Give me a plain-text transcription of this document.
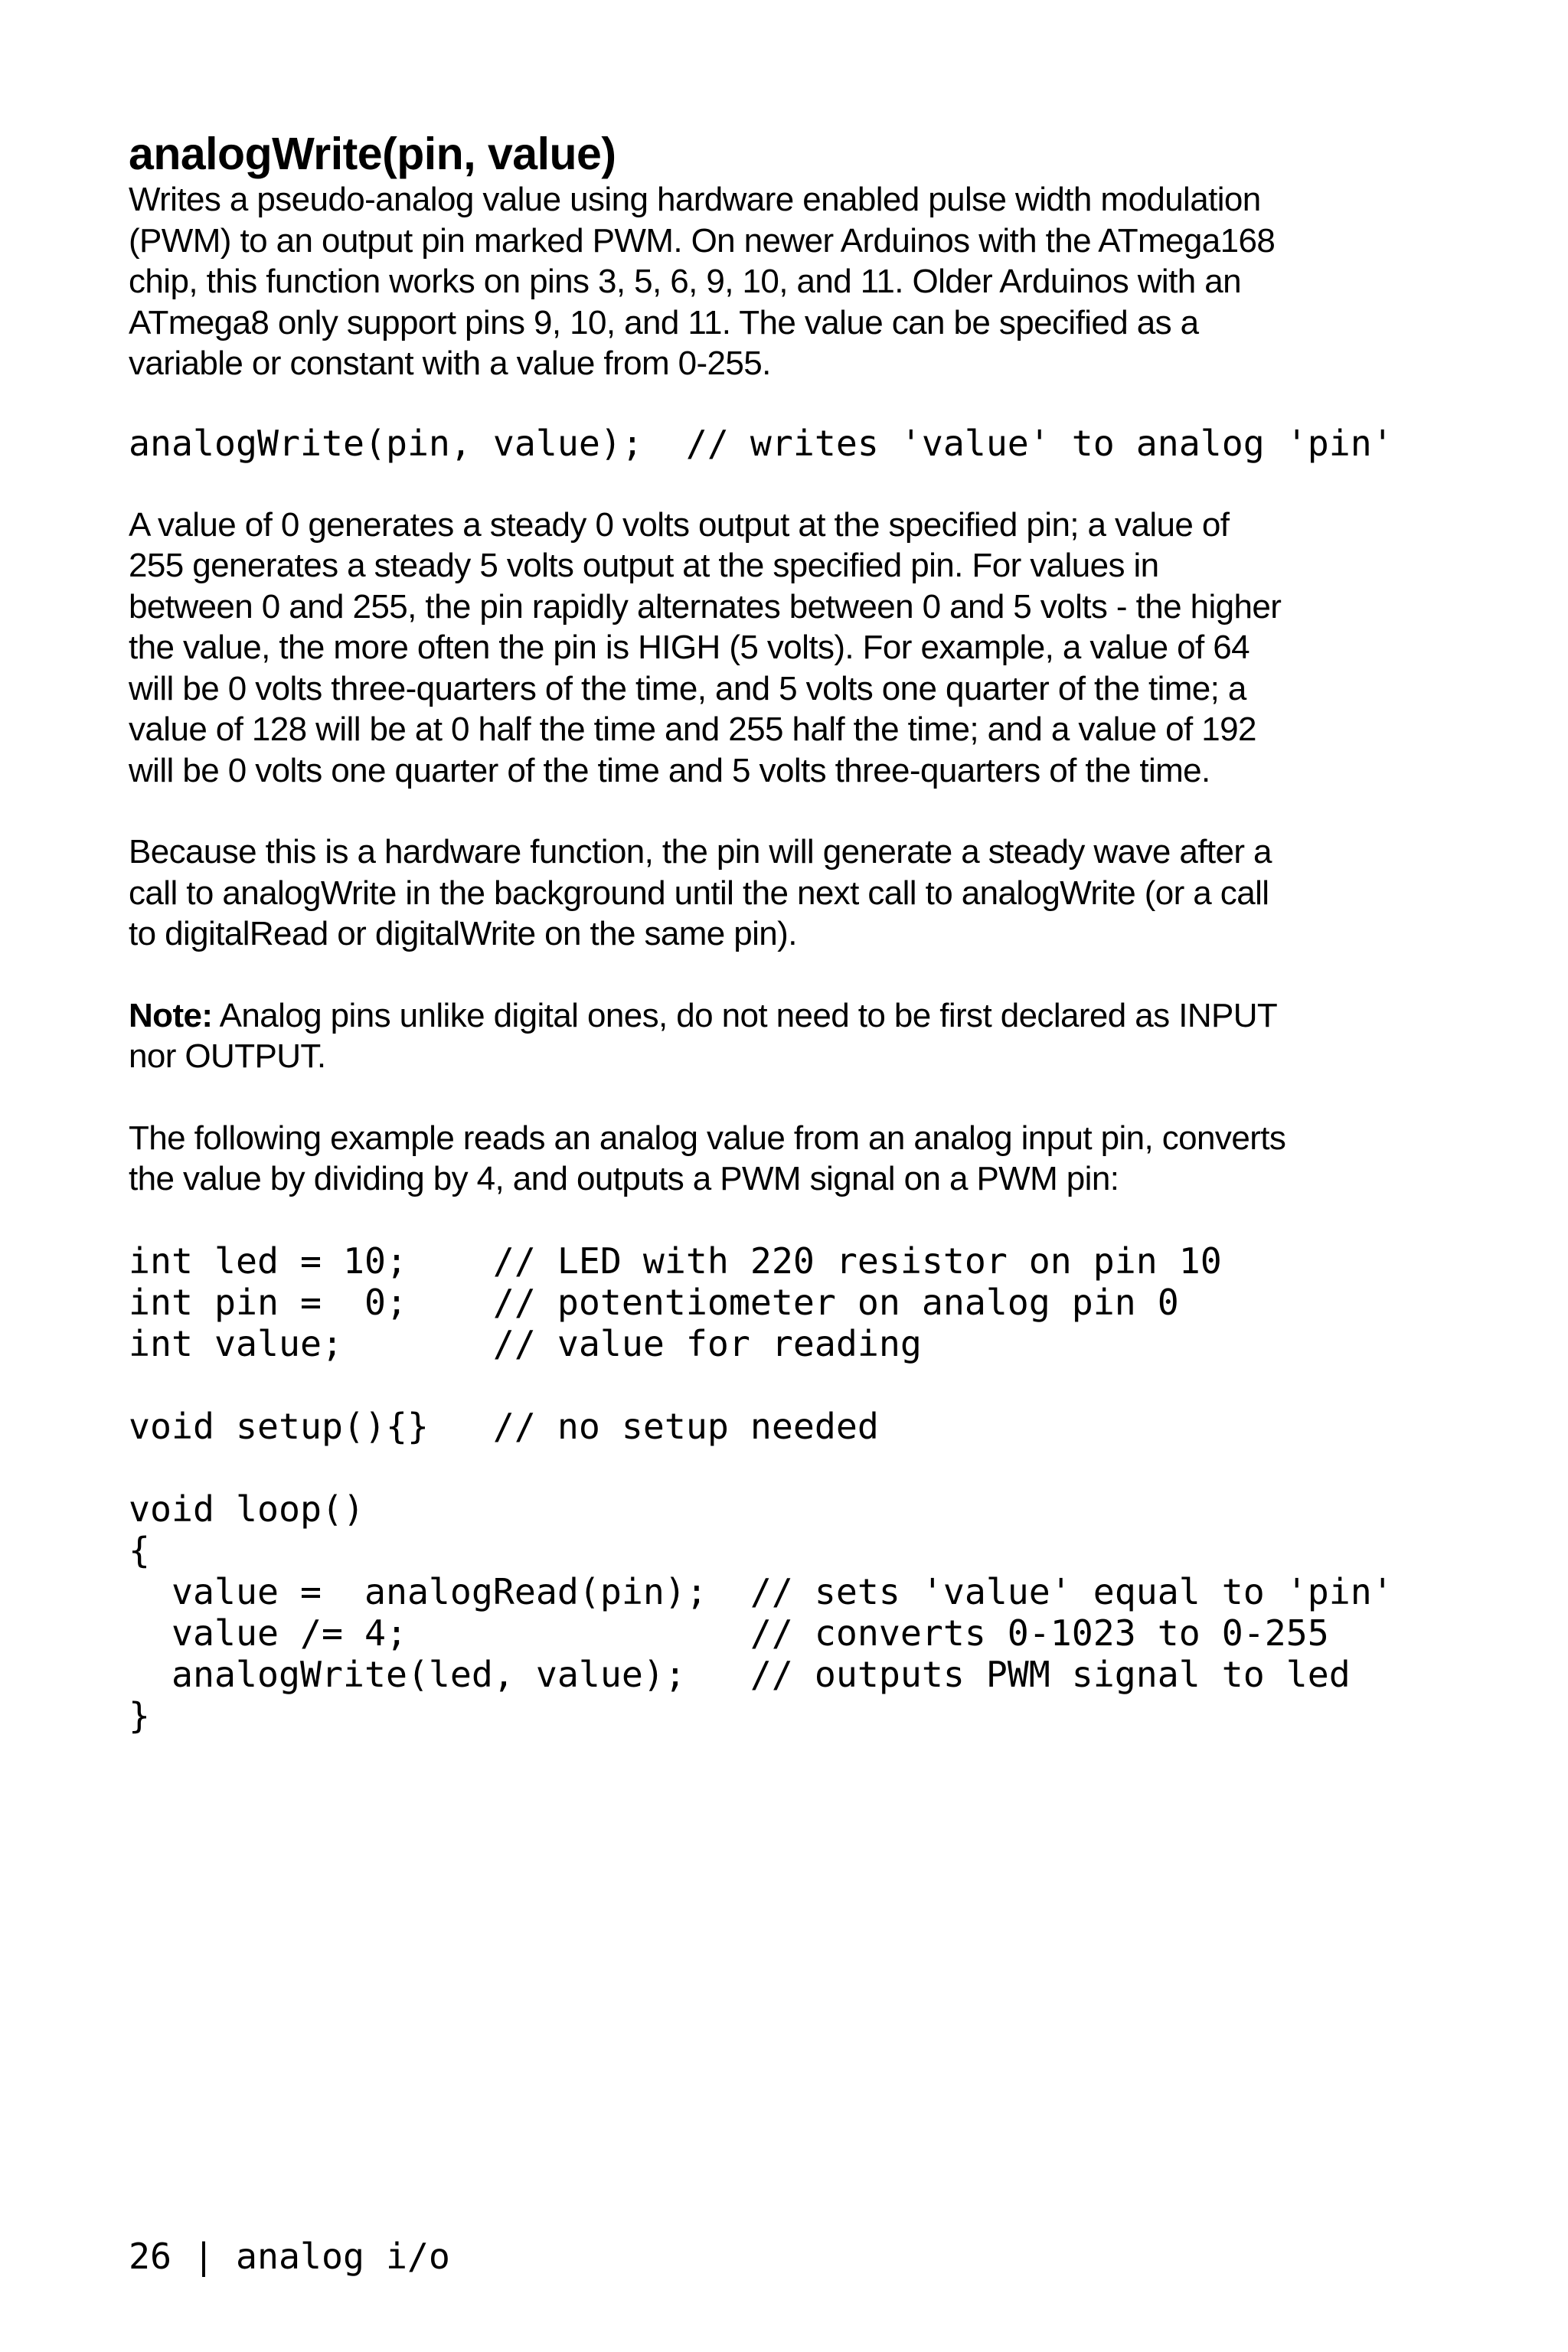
analogWrite(pin, value)

Writes a pseudo-analog value using hardware enabled pulse width modulation
(PWM) to an output pin marked PWM. On newer Arduinos with the ATmega168
chip, this function works on pins 3, 5, 6, 9, 10, and 11. Older Arduinos with an
ATmega8 only support pins 9, 10, and 11. The value can be specified as a
variable or constant with a value from 0-255.

analogWrite(pin, value);  // writes 'value' to analog 'pin'

A value of 0 generates a steady 0 volts output at the specified pin; a value of
255 generates a steady 5 volts output at the specified pin. For values in
between 0 and 255, the pin rapidly alternates between 0 and 5 volts - the higher
the value, the more often the pin is HIGH (5 volts). For example, a value of 64
will be 0 volts three-quarters of the time, and 5 volts one quarter of the time; a
value of 128 will be at 0 half the time and 255 half the time; and a value of 192
will be 0 volts one quarter of the time and 5 volts three-quarters of the time.

Because this is a hardware function, the pin will generate a steady wave after a
call to analogWrite in the background until the next call to analogWrite (or a call
to digitalRead or digitalWrite on the same pin).

Note: Analog pins unlike digital ones, do not need to be first declared as INPUT
nor OUTPUT.

The following example reads an analog value from an analog input pin, converts
the value by dividing by 4, and outputs a PWM signal on a PWM pin:

int led = 10;    // LED with 220 resistor on pin 10
int pin =  0;    // potentiometer on analog pin 0
int value;       // value for reading

void setup(){}   // no setup needed

void loop()
{
value =  analogRead(pin);  // sets 'value' equal to 'pin'
value /= 4;                // converts 0-1023 to 0-255
analogWrite(led, value);   // outputs PWM signal to led
}
26 | analog i/o
